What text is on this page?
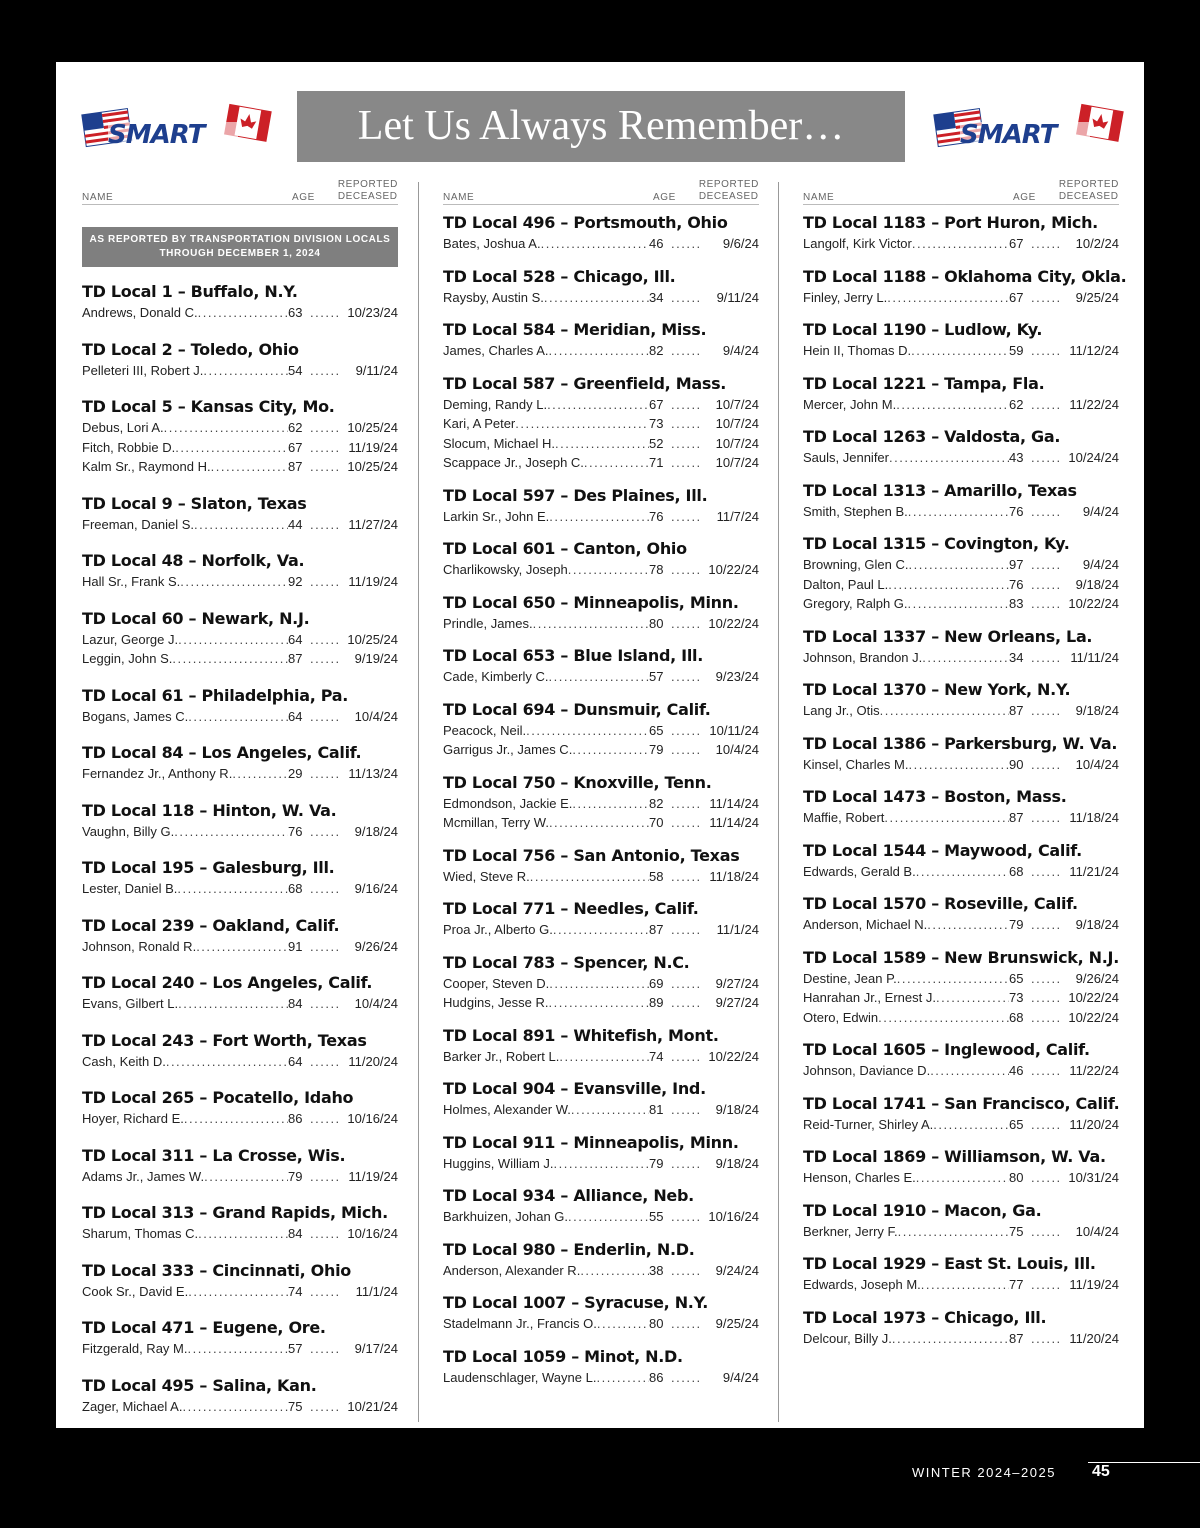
SMART	Let Us Always Remember…	SMART
NAME	AGE
REPORTED
DECEASED
AS REPORTED BY TRANSPORTATION DIVISION LOCALS
THROUGH DECEMBER 1, 2024
TD Local 1 – Buffalo, N.Y.
Andrews, Donald C. .....	63 ........	10/23/24
TD Local 2 – Toledo, Ohio
Pelleteri III, Robert J. .....	54 ........	9/11/24
TD Local 5 – Kansas City, Mo.
Debus, Lori A. .....	62 ........	10/25/24
Fitch, Robbie D. .....	67 ........	11/19/24
Kalm Sr., Raymond H. .....	87 ........	10/25/24
TD Local 9 – Slaton, Texas
Freeman, Daniel S. .....	44 ........	11/27/24
TD Local 48 – Norfolk, Va.
Hall Sr., Frank S. .....	92 ........	11/19/24
TD Local 60 – Newark, N.J.
Lazur, George J. .....	64 ........	10/25/24
Leggin, John S. .....	87 ........	9/19/24
TD Local 61 – Philadelphia, Pa.
Bogans, James C. .....	64 ........	10/4/24
TD Local 84 – Los Angeles, Calif.
Fernandez Jr., Anthony R. .....	29 ........	11/13/24
TD Local 118 – Hinton, W. Va.
Vaughn, Billy G. .....	76 ........	9/18/24
TD Local 195 – Galesburg, Ill.
Lester, Daniel B. .....	68 ........	9/16/24
TD Local 239 – Oakland, Calif.
Johnson, Ronald R. .....	91 ........	9/26/24
TD Local 240 – Los Angeles, Calif.
Evans, Gilbert L. .....	84 ........	10/4/24
TD Local 243 – Fort Worth, Texas
Cash, Keith D. .....	64 ........	11/20/24
TD Local 265 – Pocatello, Idaho
Hoyer, Richard E. .....	86 ........	10/16/24
TD Local 311 – La Crosse, Wis.
Adams Jr., James W. .....	79 ........	11/19/24
TD Local 313 – Grand Rapids, Mich.
Sharum, Thomas C. .....	84 ........	10/16/24
TD Local 333 – Cincinnati, Ohio
Cook Sr., David E. .....	74 ........	11/1/24
TD Local 471 – Eugene, Ore.
Fitzgerald, Ray M. .....	57 ........	9/17/24
TD Local 495 – Salina, Kan.
Zager, Michael A. .....	75 ........	10/21/24
NAME	AGE
REPORTED
DECEASED
TD Local 496 – Portsmouth, Ohio
Bates, Joshua A. .....	46 ........	9/6/24
TD Local 528 – Chicago, Ill.
Raysby, Austin S. .....	34 ........	9/11/24
TD Local 584 – Meridian, Miss.
James, Charles A. .....	82 ........	9/4/24
TD Local 587 – Greenfield, Mass.
Deming, Randy L. .....	67 ........	10/7/24
Kari, A Peter .....	73 ........	10/7/24
Slocum, Michael H. .....	52 ........	10/7/24
Scappace Jr., Joseph C. .....	71 ........	10/7/24
TD Local 597 – Des Plaines, Ill.
Larkin Sr., John E. .....	76 ........	11/7/24
TD Local 601 – Canton, Ohio
Charlikowsky, Joseph .....	78 ........	10/22/24
TD Local 650 – Minneapolis, Minn.
Prindle, James. .....	80 ........	10/22/24
TD Local 653 – Blue Island, Ill.
Cade, Kimberly C. .....	57 ........	9/23/24
TD Local 694 – Dunsmuir, Calif.
Peacock, Neil. .....	65 ........	10/11/24
Garrigus Jr., James C. .....	79 ........	10/4/24
TD Local 750 – Knoxville, Tenn.
Edmondson, Jackie E. .....	82 ........	11/14/24
Mcmillan, Terry W. .....	70 ........	11/14/24
TD Local 756 – San Antonio, Texas
Wied, Steve R. .....	58 ........	11/18/24
TD Local 771 – Needles, Calif.
Proa Jr., Alberto G. .....	87 ........	11/1/24
TD Local 783 – Spencer, N.C.
Cooper, Steven D. .....	69 ........	9/27/24
Hudgins, Jesse R. .....	89 ........	9/27/24
TD Local 891 – Whitefish, Mont.
Barker Jr., Robert L. .....	74 ........	10/22/24
TD Local 904 – Evansville, Ind.
Holmes, Alexander W. .....	81 ........	9/18/24
TD Local 911 – Minneapolis, Minn.
Huggins, William J. .....	79 ........	9/18/24
TD Local 934 – Alliance, Neb.
Barkhuizen, Johan G. .....	55 ........	10/16/24
TD Local 980 – Enderlin, N.D.
Anderson, Alexander R. .....	38 ........	9/24/24
TD Local 1007 – Syracuse, N.Y.
Stadelmann Jr., Francis O. .....	80 ........	9/25/24
TD Local 1059 – Minot, N.D.
Laudenschlager, Wayne L. .....	86 ........	9/4/24
NAME	AGE
REPORTED
DECEASED
TD Local 1183 – Port Huron, Mich.
Langolf, Kirk Victor .....	67 ........	10/2/24
TD Local 1188 – Oklahoma City, Okla.
Finley, Jerry L. .....	67 ........	9/25/24
TD Local 1190 – Ludlow, Ky.
Hein II, Thomas D. .....	59 ........	11/12/24
TD Local 1221 – Tampa, Fla.
Mercer, John M. .....	62 ........	11/22/24
TD Local 1263 – Valdosta, Ga.
Sauls, Jennifer .....	43 ........	10/24/24
TD Local 1313 – Amarillo, Texas
Smith, Stephen B. .....	76 ........	9/4/24
TD Local 1315 – Covington, Ky.
Browning, Glen C. .....	97 ........	9/4/24
Dalton, Paul L. .....	76 ........	9/18/24
Gregory, Ralph G. .....	83 ........	10/22/24
TD Local 1337 – New Orleans, La.
Johnson, Brandon J. .....	34 ........	11/11/24
TD Local 1370 – New York, N.Y.
Lang Jr., Otis .....	87 ........	9/18/24
TD Local 1386 – Parkersburg, W. Va.
Kinsel, Charles M. .....	90 ........	10/4/24
TD Local 1473 – Boston, Mass.
Maffie, Robert .....	87 ........	11/18/24
TD Local 1544 – Maywood, Calif.
Edwards, Gerald B. .....	68 ........	11/21/24
TD Local 1570 – Roseville, Calif.
Anderson, Michael N. .....	79 ........	9/18/24
TD Local 1589 – New Brunswick, N.J.
Destine, Jean P. .....	65 ........	9/26/24
Hanrahan Jr., Ernest J. .....	73 ........	10/22/24
Otero, Edwin .....	68 ........	10/22/24
TD Local 1605 – Inglewood, Calif.
Johnson, Daviance D. .....	46 ........	11/22/24
TD Local 1741 – San Francisco, Calif.
Reid-Turner, Shirley A. .....	65 ........	11/20/24
TD Local 1869 – Williamson, W. Va.
Henson, Charles E. .....	80 ........	10/31/24
TD Local 1910 – Macon, Ga.
Berkner, Jerry F. .....	75 ........	10/4/24
TD Local 1929 – East St. Louis, Ill.
Edwards, Joseph M. .....	77 ........	11/19/24
TD Local 1973 – Chicago, Ill.
Delcour, Billy J. .....	87 ........	11/20/24
WINTER 2024–2025 45
